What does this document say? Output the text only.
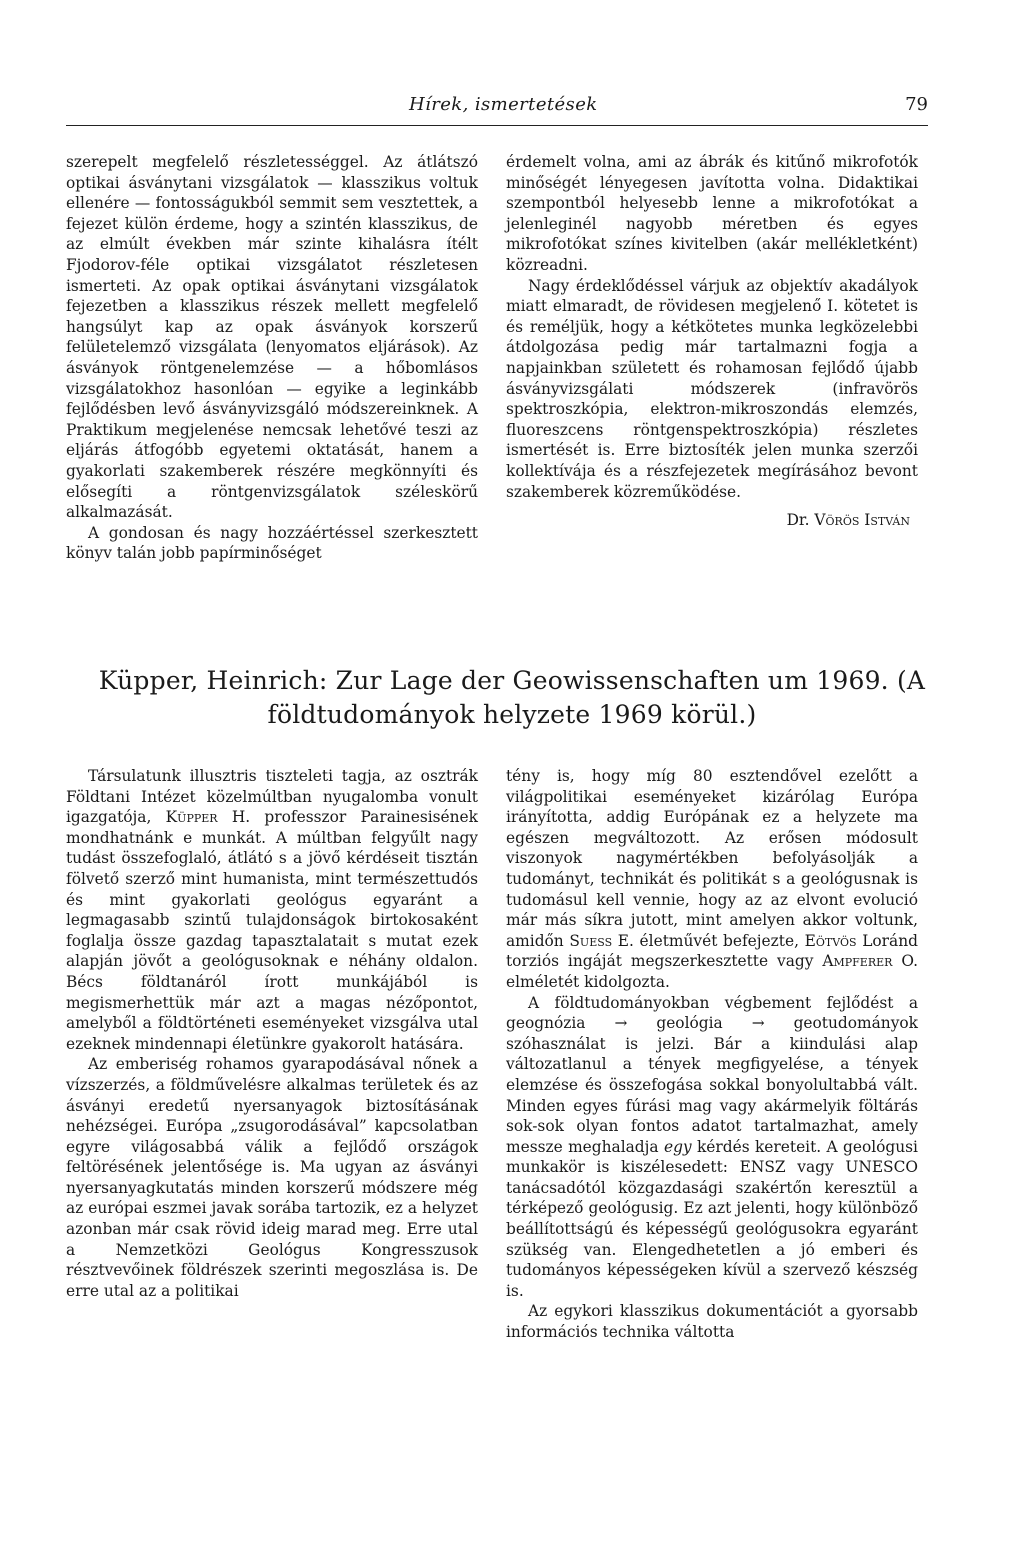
Hírek, ismertetések	79

szerepelt megfelelő részletességgel. Az átlátszó optikai ásványtani vizsgálatok — klasszikus voltuk ellenére — fontosságukból semmit sem vesztettek, a fejezet külön érdeme, hogy a szintén klasszikus, de az elmúlt években már szinte kihalásra ítélt Fjodorov-féle optikai vizsgálatot részletesen ismerteti. Az opak optikai ásványtani vizsgálatok fejezetben a klasszikus részek mellett megfelelő hangsúlyt kap az opak ásványok korszerű felületelemző vizsgálata (lenyomatos eljárások). Az ásványok röntgenelemzése — a hőbomlásos vizsgálatokhoz hasonlóan — egyike a leginkább fejlődésben levő ásványvizsgáló módszereinknek. A Praktikum megjelenése nemcsak lehetővé teszi az eljárás átfogóbb egyetemi oktatását, hanem a gyakorlati szakemberek részére megkönnyíti és elősegíti a röntgenvizsgálatok széleskörű alkalmazását.

A gondosan és nagy hozzáértéssel szerkesztett könyv talán jobb papírminőséget

érdemelt volna, ami az ábrák és kitűnő mikrofotók minőségét lényegesen javította volna. Didaktikai szempontból helyesebb lenne a mikrofotókat a jelenleginél nagyobb méretben és egyes mikrofotókat színes kivitelben (akár mellékletként) közreadni.

Nagy érdeklődéssel várjuk az objektív akadályok miatt elmaradt, de rövidesen megjelenő I. kötetet is és reméljük, hogy a kétkötetes munka legközelebbi átdolgozása pedig már tartalmazni fogja a napjainkban született és rohamosan fejlődő újabb ásványvizsgálati módszerek (infravörös spektroszkópia, elektron-mikroszondás elemzés, fluoreszcens röntgenspektroszkópia) részletes ismertését is. Erre biztosíték jelen munka szerzői kollektívája és a részfejezetek megírásához bevont szakemberek közreműködése.

Dr. Vörös István
Küpper, Heinrich: Zur Lage der Geowissenschaften um 1969. (A
földtudományok helyzete 1969 körül.)

Társulatunk illusztris tiszteleti tagja, az osztrák Földtani Intézet közelmúltban nyugalomba vonult igazgatója, Küpper H. professzor Parainesisének mondhatnánk e munkát. A múltban felgyűlt nagy tudást összefoglaló, átlátó s a jövő kérdéseit tisztán fölvető szerző mint humanista, mint természettudós és mint gyakorlati geológus egyaránt a legmagasabb szintű tulajdonságok birtokosaként foglalja össze gazdag tapasztalatait s mutat ezek alapján jövőt a geológusoknak e néhány oldalon. Bécs földtanáról írott munkájából is megismerhettük már azt a magas nézőpontot, amelyből a földtörténeti eseményeket vizsgálva utal ezeknek mindennapi életünkre gyakorolt hatására.

Az emberiség rohamos gyarapodásával nőnek a vízszerzés, a földművelésre alkalmas területek és az ásványi eredetű nyersanyagok biztosításának nehézségei. Európa „zsugorodásával” kapcsolatban egyre világosabbá válik a fejlődő országok feltörésének jelentősége is. Ma ugyan az ásványi nyersanyagkutatás minden korszerű módszere még az európai eszmei javak sorába tartozik, ez a helyzet azonban már csak rövid ideig marad meg. Erre utal a Nemzetközi Geológus Kongresszusok résztvevőinek földrészek szerinti megoszlása is. De erre utal az a politikai

tény is, hogy míg 80 esztendővel ezelőtt a világpolitikai eseményeket kizárólag Európa irányította, addig Európának ez a helyzete ma egészen megváltozott. Az erősen módosult viszonyok nagymértékben befolyásolják a tudományt, technikát és politikát s a geológusnak is tudomásul kell vennie, hogy az az elvont evolució már más síkra jutott, mint amelyen akkor voltunk, amidőn Suess E. életművét befejezte, Eötvös Loránd torziós ingáját megszerkesztette vagy Ampferer O. elméletét kidolgozta.

A földtudományokban végbement fejlődést a geognózia → geológia → geotudományok szóhasználat is jelzi. Bár a kiindulási alap változatlanul a tények megfigyelése, a tények elemzése és összefogása sokkal bonyolultabbá vált. Minden egyes fúrási mag vagy akármelyik föltárás sok-sok olyan fontos adatot tartalmazhat, amely messze meghaladja egy kérdés kereteit. A geológusi munkakör is kiszélesedett: ENSZ vagy UNESCO tanácsadótól közgazdasági szakértőn keresztül a térképező geológusig. Ez azt jelenti, hogy különböző beállítottságú és képességű geológusokra egyaránt szükség van. Elengedhetetlen a jó emberi és tudományos képességeken kívül a szervező készség is.

Az egykori klasszikus dokumentációt a gyorsabb információs technika váltotta
